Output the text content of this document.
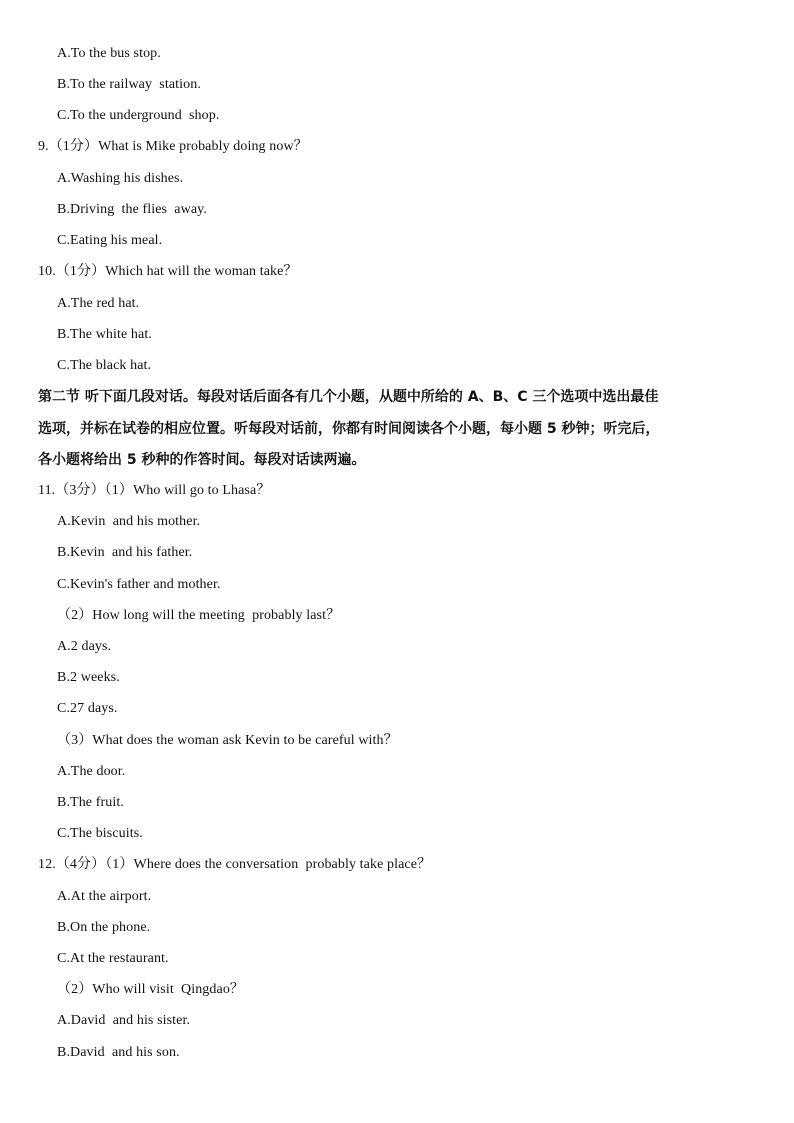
A.To the bus stop.
B.To the railway  station.
C.To the underground  shop.
9.（1分）What is Mike probably doing now？
A.Washing his dishes.
B.Driving  the flies  away.
C.Eating his meal.
10.（1分）Which hat will the woman take？
A.The red hat.
B.The white hat.
C.The black hat.
第二节 听下面几段对话。每段对话后面各有几个小题，从题中所给的 A、B、C 三个选项中选出最佳
选项，并标在试卷的相应位置。听每段对话前，你都有时间阅读各个小题，每小题 5 秒钟；听完后，
各小题将给出 5 秒种的作答时间。每段对话读两遍。
11.（3分）（1）Who will go to Lhasa？
A.Kevin  and his mother.
B.Kevin  and his father.
C.Kevin's father and mother.
（2）How long will the meeting  probably last？
A.2 days.
B.2 weeks.
C.27 days.
（3）What does the woman ask Kevin to be careful with？
A.The door.
B.The fruit.
C.The biscuits.
12.（4分）（1）Where does the conversation  probably take place？
A.At the airport.
B.On the phone.
C.At the restaurant.
（2）Who will visit  Qingdao？
A.David  and his sister.
B.David  and his son.
